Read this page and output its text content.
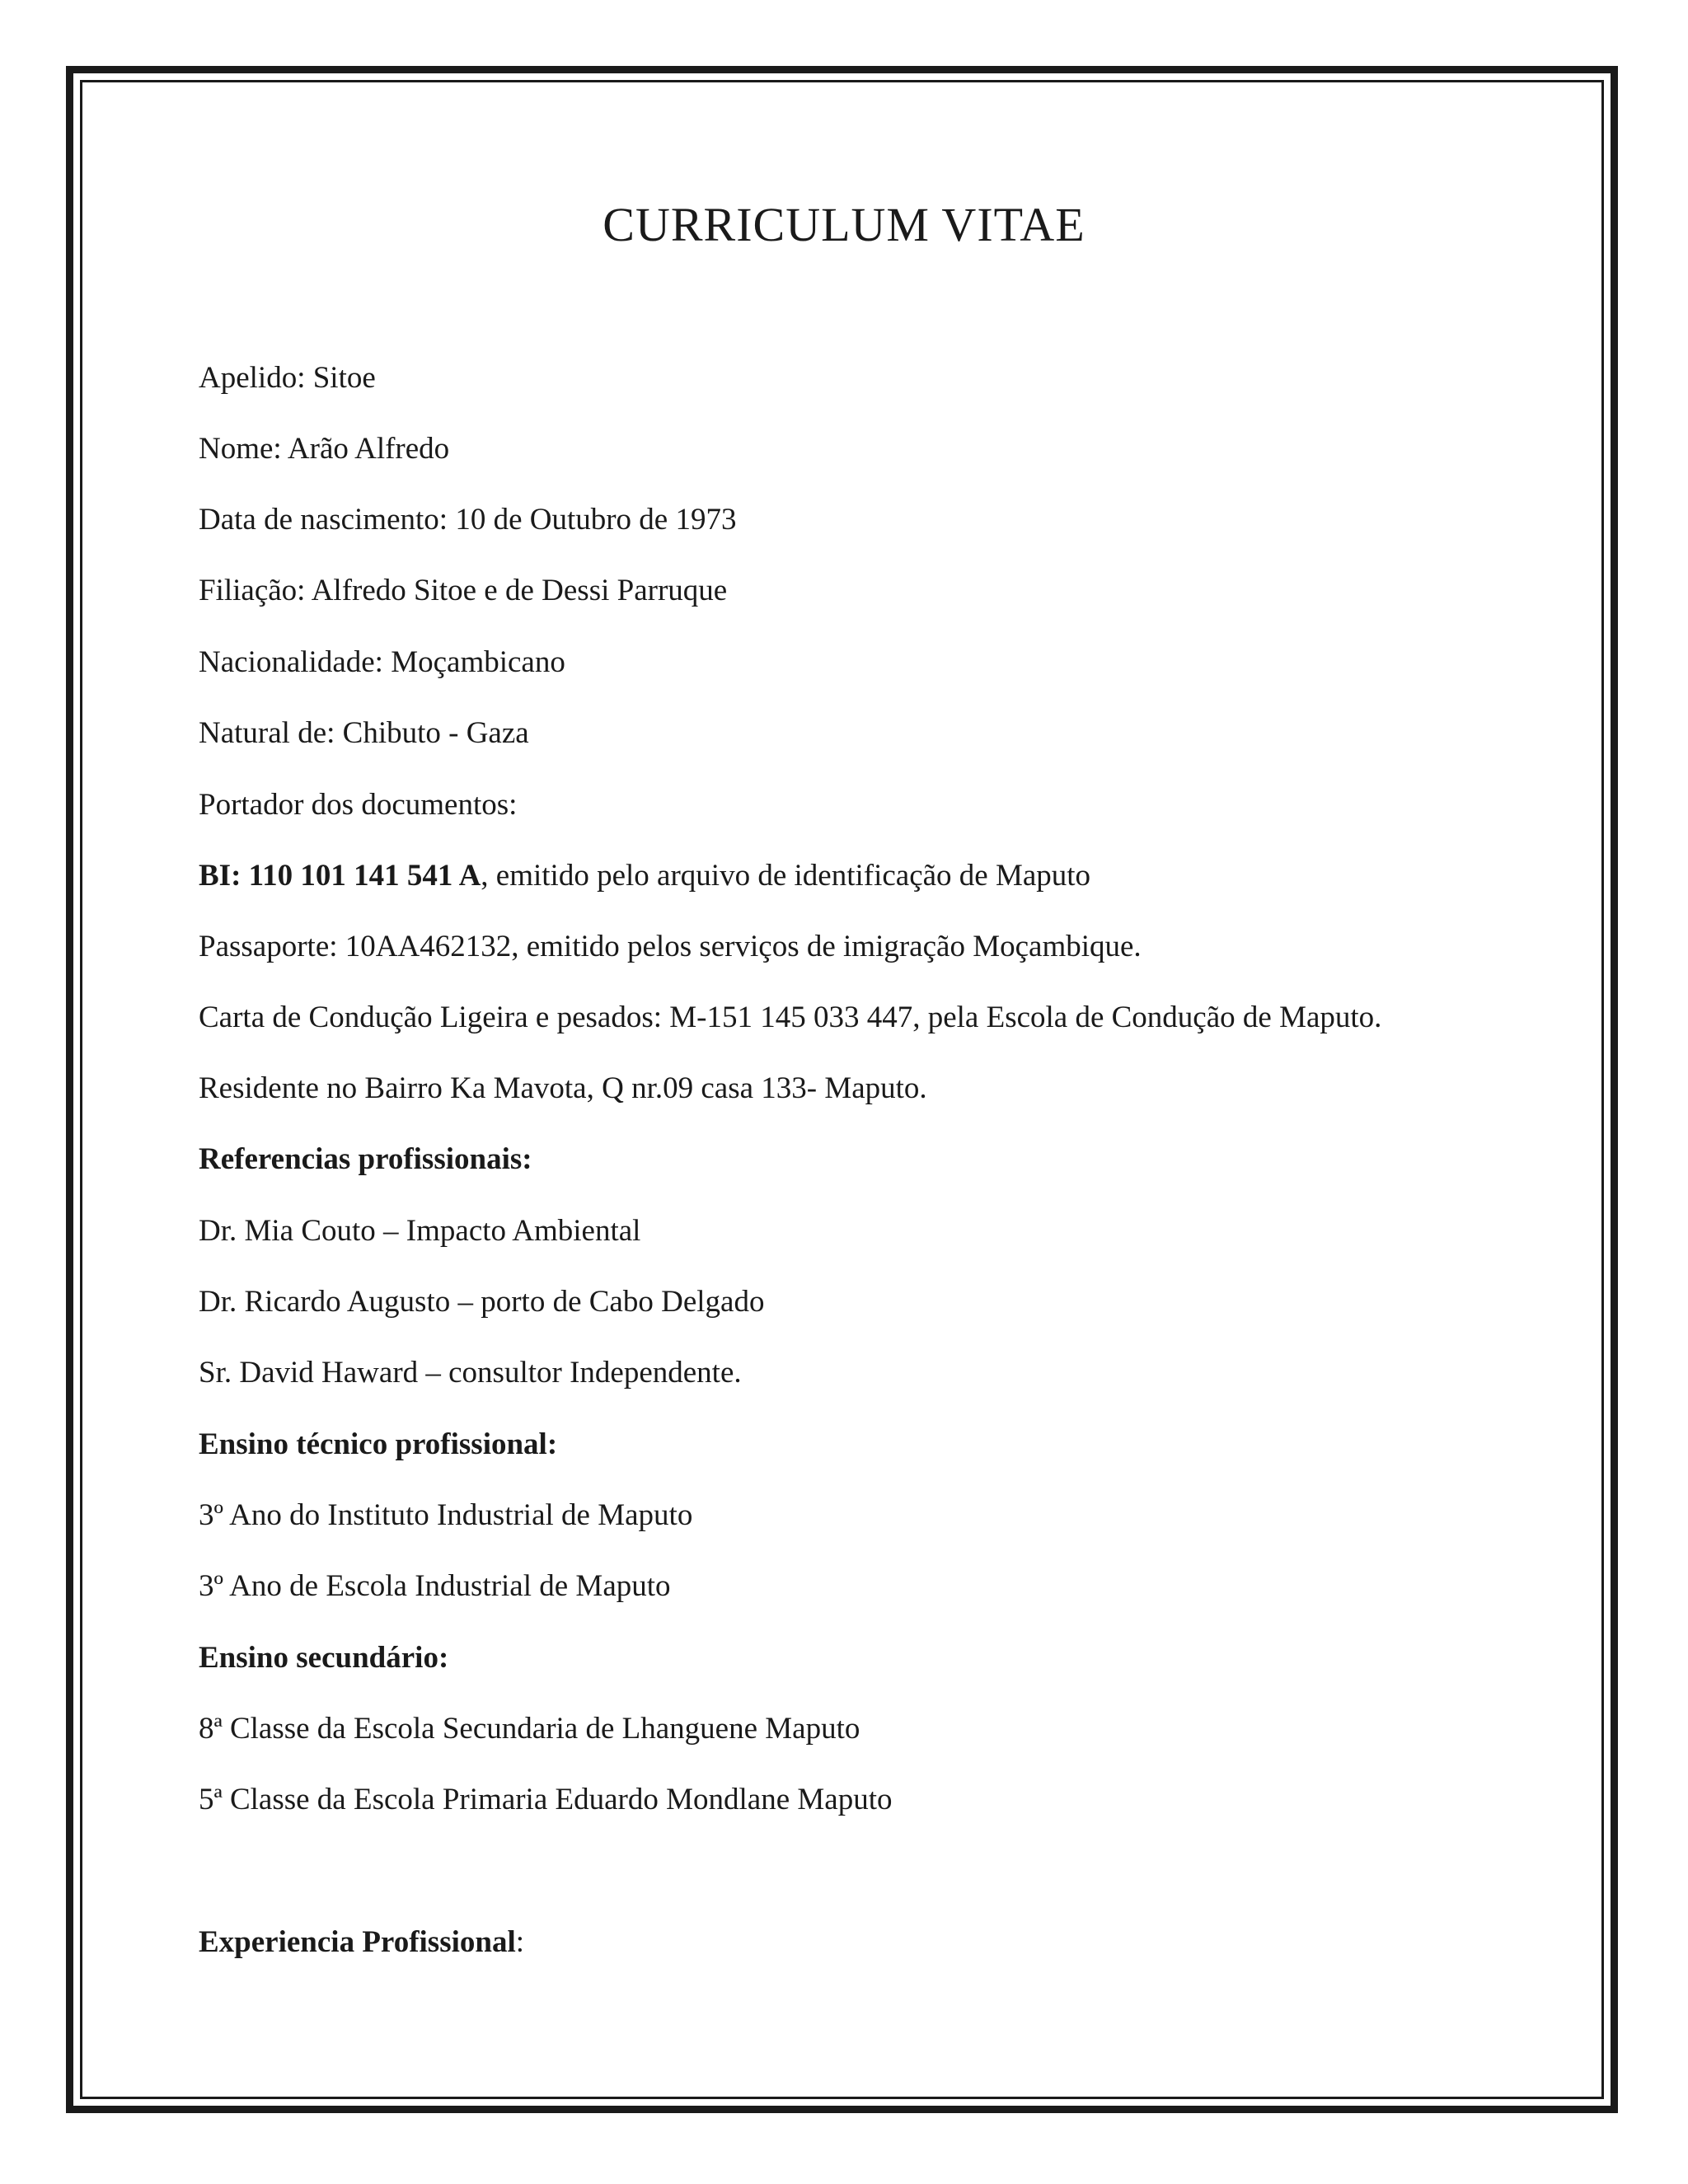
CURRICULUM VITAE
Apelido: Sitoe
Nome: Arão Alfredo
Data de nascimento: 10 de Outubro de 1973
Filiação: Alfredo Sitoe e de Dessi Parruque
Nacionalidade: Moçambicano
Natural de: Chibuto - Gaza
Portador dos documentos:
BI: 110 101 141 541 A, emitido pelo arquivo de identificação de Maputo
Passaporte: 10AA462132, emitido pelos serviços de imigração Moçambique.
Carta de Condução Ligeira e pesados: M-151 145 033 447, pela Escola de Condução de Maputo.
Residente no Bairro Ka Mavota, Q nr.09 casa 133- Maputo.
Referencias profissionais:
Dr. Mia Couto – Impacto Ambiental
Dr. Ricardo Augusto – porto de Cabo Delgado
Sr. David Haward – consultor Independente.
Ensino técnico profissional:
3º Ano do Instituto Industrial de Maputo
3º Ano de Escola Industrial de Maputo
Ensino secundário:
8ª Classe da Escola Secundaria de Lhanguene Maputo
5ª Classe da Escola Primaria Eduardo Mondlane Maputo
Experiencia Profissional:
